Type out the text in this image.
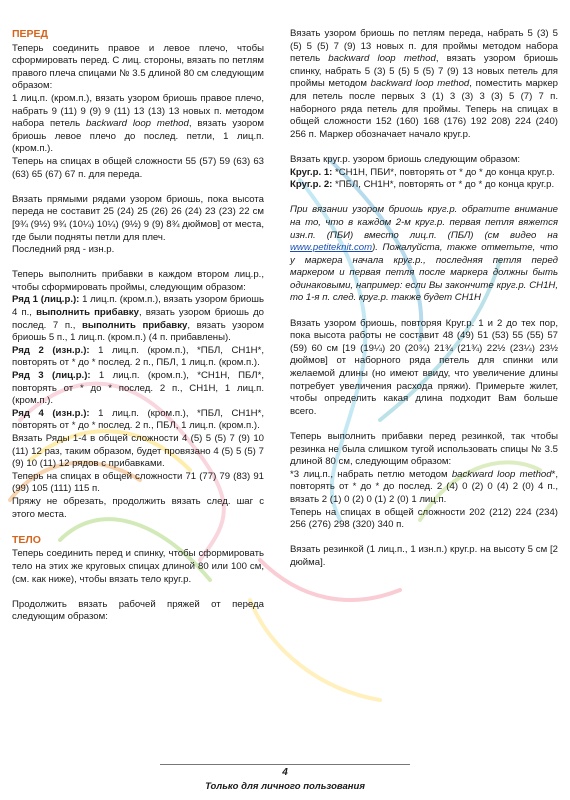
ПЕРЕД

Теперь соединить правое и левое плечо, чтобы сформировать перед. С лиц. стороны, вязать по петлям правого плеча спицами № 3.5 длиной 80 см следующим образом:

1 лиц.п. (кром.п.), вязать узором бриошь правое плечо, набрать 9 (11) 9 (9) 9 (11) 13 (13) 13 новых п. методом набора петель backward loop method, вязать узором бриошь левое плечо до послед. петли, 1 лиц.п. (кром.п.).

Теперь на спицах в общей сложности 55 (57) 59 (63) 63 (63) 65 (67) 67 п. для переда.

Вязать прямыми рядами узором бриошь, пока высота переда не составит 25 (24) 25 (26) 26 (24) 23 (23) 22 см [9¾ (9½) 9¾ (10¼) 10¼) (9½) 9 (9) 8¾ дюймов] от места, где были подняты петли для плеч.

Последний ряд - изн.р.

Теперь выполнить прибавки в каждом втором лиц.р., чтобы сформировать проймы, следующим образом:

Ряд 1 (лиц.р.): 1 лиц.п. (кром.п.), вязать узором бриошь 4 п., выполнить прибавку, вязать узором бриошь до послед. 7 п., выполнить прибавку, вязать узором бриошь 5 п., 1 лиц.п. (кром.п.) (4 п. прибавлены).

Ряд 2 (изн.р.): 1 лиц.п. (кром.п.), *ПБЛ, СН1Н*, повторять от * до * послед. 2 п., ПБЛ, 1 лиц.п. (кром.п.).

Ряд 3 (лиц.р.): 1 лиц.п. (кром.п.), *СН1Н, ПБЛ*, повторять от * до * послед. 2 п., СН1Н, 1 лиц.п. (кром.п.).

Ряд 4 (изн.р.): 1 лиц.п. (кром.п.), *ПБЛ, СН1Н*, повторять от * до * послед. 2 п., ПБЛ, 1 лиц.п. (кром.п.).

Вязать Ряды 1-4 в общей сложности 4 (5) 5 (5) 7 (9) 10 (11) 12 раз, таким образом, будет провязано 4 (5) 5 (5) 7 (9) 10 (11) 12 рядов с прибавками.

Теперь на спицах в общей сложности 71 (77) 79 (83) 91 (99) 105 (111) 115 п.

Пряжу не обрезать, продолжить вязать след. шаг с этого места.

ТЕЛО

Теперь соединить перед и спинку, чтобы сформировать тело на этих же круговых спицах длиной 80 или 100 см, (см. как ниже), чтобы вязать тело круг.р.

Продолжить вязать рабочей пряжей от переда следующим образом:

Вязать узором бриошь по петлям переда, набрать 5 (3) 5 (5) 5 (5) 7 (9) 13 новых п. для проймы методом набора петель backward loop method, вязать узором бриошь спинку, набрать 5 (3) 5 (5) 5 (5) 7 (9) 13 новых петель для проймы методом backward loop method, поместить маркер для петель после первых 3 (1) 3 (3) 3 (3) 5 (7) 7 п. наборного ряда петель для проймы. Теперь на спицах в общей сложности 152 (160) 168 (176) 192 208) 224 (240) 256 п. Маркер обозначает начало круг.р.

Вязать круг.р. узором бриошь следующим образом:

Круг.р. 1: *СН1Н, ПБИ*, повторять от * до * до конца круг.р.

Круг.р. 2: *ПБЛ, СН1Н*, повторять от * до * до конца круг.р.

При вязании узором бриошь круг.р. обратите внимание на то, что в каждом 2-м круг.р. первая петля вяжется изн.п. (ПБИ) вместо лиц.п. (ПБЛ) (см видео на www.petiteknit.com). Пожалуйста, также отметьте, что у маркера начала круг.р., последняя петля перед маркером и первая петля после маркера должны быть одинаковыми, например: если Вы закончите круг.р. СН1Н, то 1-я п. след. круг.р. также будет СН1Н

Вязать узором бриошь, повторяя Круг.р. 1 и 2 до тех пор, пока высота работы не составит 48 (49) 51 (53) 55 (55) 57 (59) 60 см [19 (19¼) 20 (20¾) 21¾ (21¾) 22½ (23¼) 23½ дюймов] от наборного ряда петель для спинки или желаемой длины (но имеют ввиду, что увеличение длины потребует увеличения расхода пряжи). Примерьте жилет, чтобы определить какая длина подходит Вам больше всего.

Теперь выполнить прибавки перед резинкой, так чтобы резинка не была слишком тугой использовать спицы № 3.5 длиной 80 см, следующим образом:

*3 лиц.п., набрать петлю методом backward loop method*, повторять от * до * до послед. 2 (4) 0 (2) 0 (4) 2 (0) 4 п., вязать 2 (1) 0 (2) 0 (1) 2 (0) 1 лиц.п.

Теперь на спицах в общей сложности 202 (212) 224 (234) 256 (276) 298 (320) 340 п.

Вязать резинкой (1 лиц.п., 1 изн.п.) круг.р. на высоту 5 см [2 дюйма].

4
Только для личного пользования
